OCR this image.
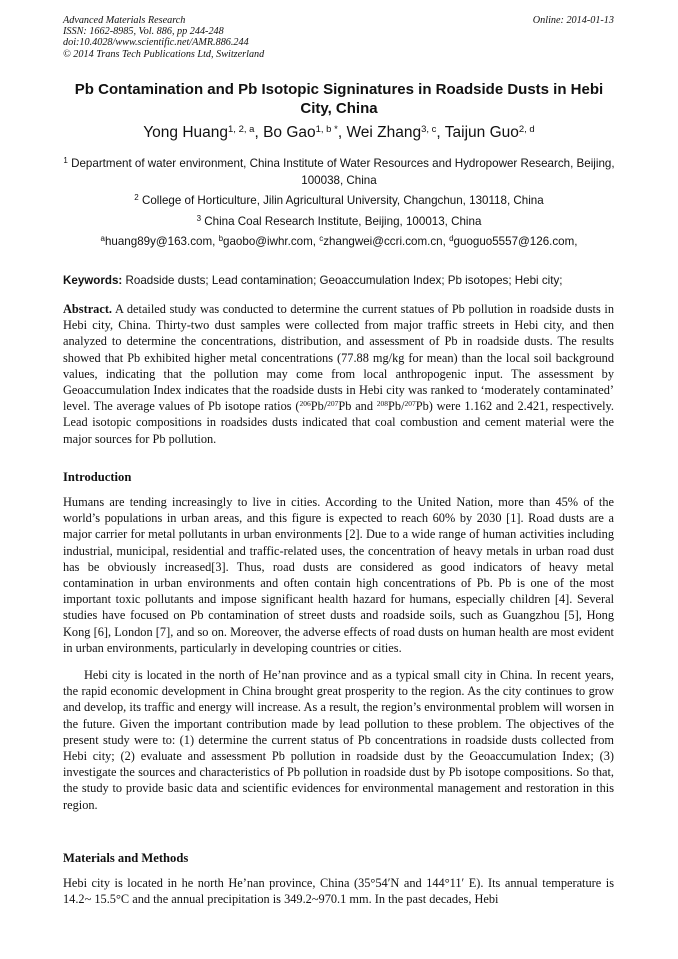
Advanced Materials Research
ISSN: 1662-8985, Vol. 886, pp 244-248
doi:10.4028/www.scientific.net/AMR.886.244
© 2014 Trans Tech Publications Ltd, Switzerland
Online: 2014-01-13
Pb Contamination and Pb Isotopic Signinatures in Roadside Dusts in Hebi City, China
Yong Huang$^{1, 2, a}$, Bo Gao$^{1, b *}$, Wei Zhang$^{3, c}$, Taijun Guo$^{2, d}$
$^1$ Department of water environment, China Institute of Water Resources and Hydropower Research, Beijing, 100038, China
$^2$ College of Horticulture, Jilin Agricultural University, Changchun, 130118, China
$^3$ China Coal Research Institute, Beijing, 100013, China
$^a$huang89y@163.com, $^b$gaobo@iwhr.com, $^c$zhangwei@ccri.com.cn, $^d$guoguo5557@126.com,
Keywords: Roadside dusts; Lead contamination; Geoaccumulation Index; Pb isotopes; Hebi city;
Abstract. A detailed study was conducted to determine the current statues of Pb pollution in roadside dusts in Hebi city, China. Thirty-two dust samples were collected from major traffic streets in Hebi city, and then analyzed to determine the concentrations, distribution, and assessment of Pb in roadside dusts. The results showed that Pb exhibited higher metal concentrations (77.88 mg/kg for mean) than the local soil background values, indicating that the pollution may come from local anthropogenic input. The assessment by Geoaccumulation Index indicates that the roadside dusts in Hebi city was ranked to ‘moderately contaminated’ level. The average values of Pb isotope ratios ($^{206}$Pb/$^{207}$Pb and $^{208}$Pb/$^{207}$Pb) were 1.162 and 2.421, respectively. Lead isotopic compositions in roadsides dusts indicated that coal combustion and cement material were the major sources for Pb pollution.
Introduction
Humans are tending increasingly to live in cities. According to the United Nation, more than 45% of the world’s populations in urban areas, and this figure is expected to reach 60% by 2030 [1]. Road dusts are a major carrier for metal pollutants in urban environments [2]. Due to a wide range of human activities including industrial, municipal, residential and traffic-related uses, the concentration of heavy metals in urban road dust has be obviously increased[3]. Thus, road dusts are considered as good indicators of heavy metal contamination in urban environments and often contain high concentrations of Pb. Pb is one of the most important toxic pollutants and impose significant health hazard for humans, especially children [4]. Several studies have focused on Pb contamination of street dusts and roadside soils, such as Guangzhou [5], Hong Kong [6], London [7], and so on. Moreover, the adverse effects of road dusts on human health are most evident in urban environments, particularly in developing countries or cities.
Hebi city is located in the north of He’nan province and as a typical small city in China. In recent years, the rapid economic development in China brought great prosperity to the region. As the city continues to grow and develop, its traffic and energy will increase. As a result, the region’s environmental problem will worsen in the future. Given the important contribution made by lead pollution to these problem. The objectives of the present study were to: (1) determine the current status of Pb concentrations in roadside dusts collected from Hebi city; (2) evaluate and assessment Pb pollution in roadside dust by the Geoaccumulation Index; (3) investigate the sources and characteristics of Pb pollution in roadside dust by Pb isotope compositions. So that, the study to provide basic data and scientific evidences for environmental management and restoration in this region.
Materials and Methods
Hebi city is located in he north He’nan province, China (35°54′N and 144°11′ E). Its annual temperature is 14.2~ 15.5°C and the annual precipitation is 349.2~970.1 mm. In the past decades, Hebi
